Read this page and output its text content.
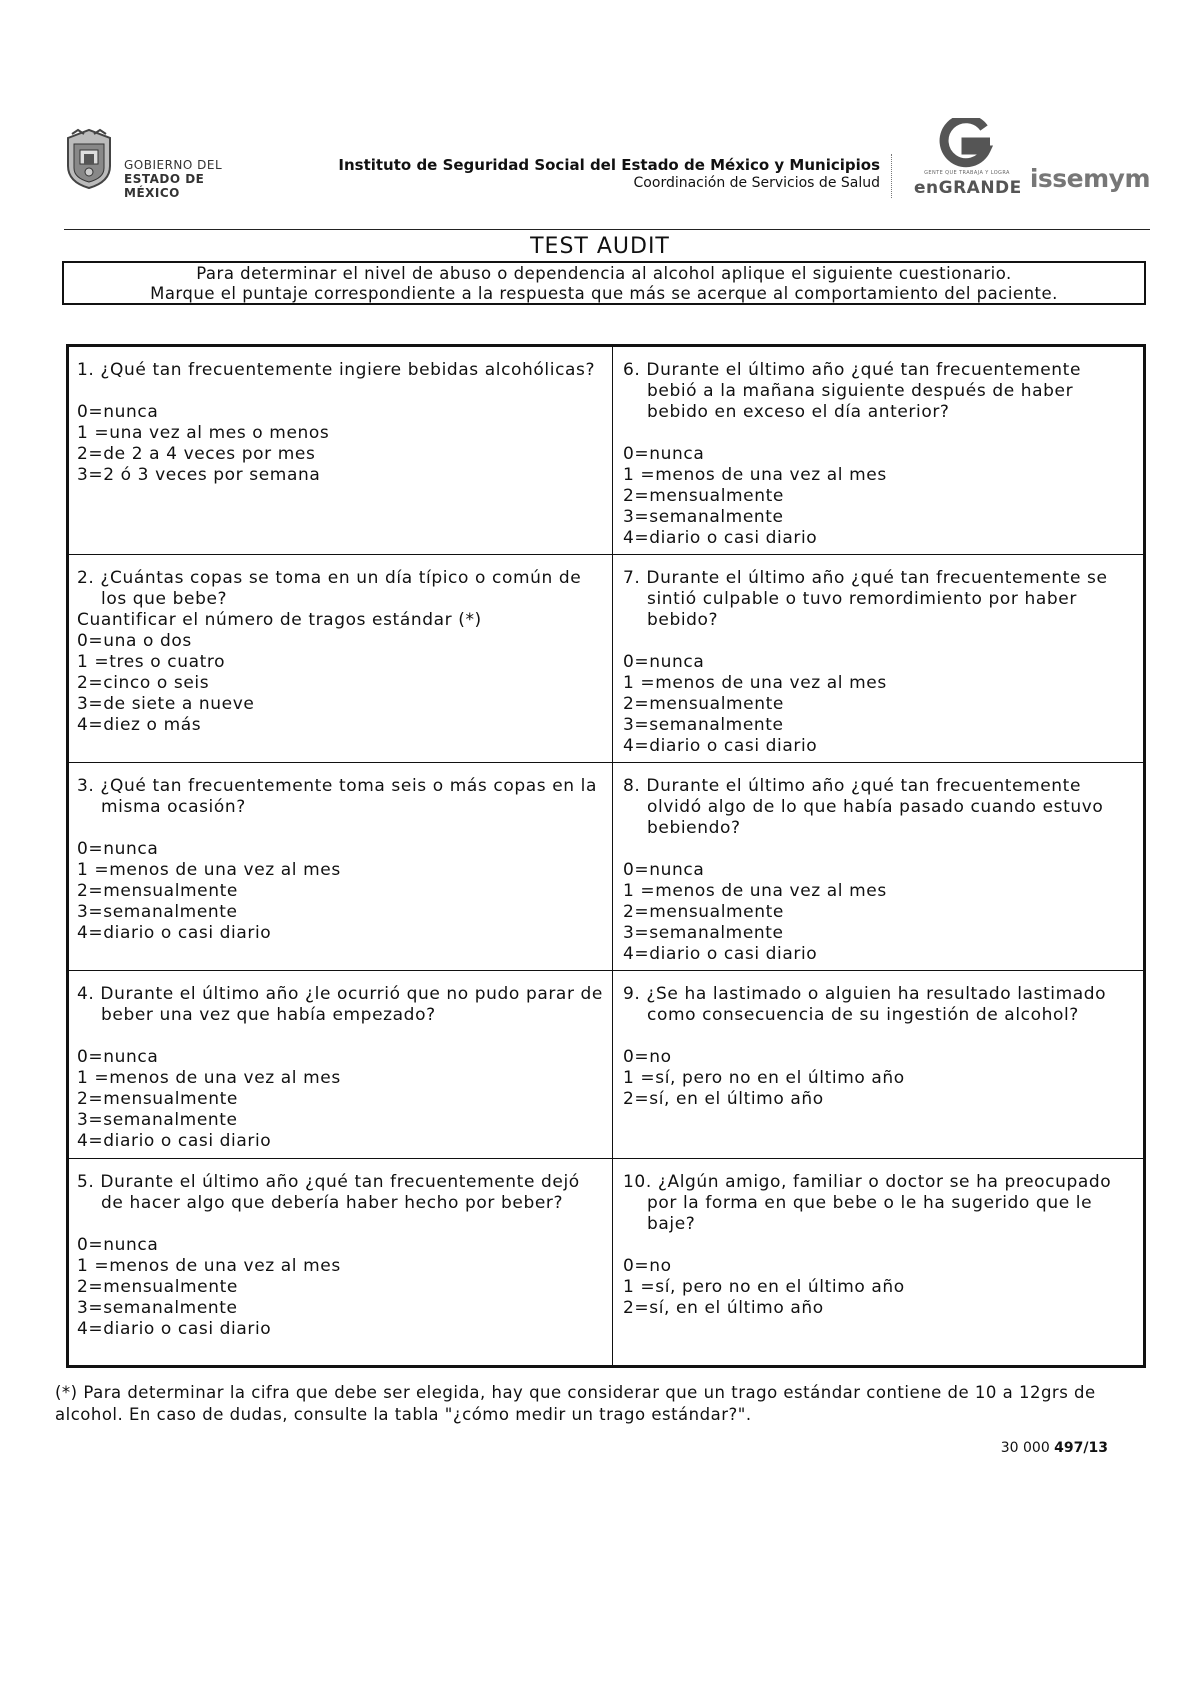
GOBIERNO DEL
ESTADO DE MÉXICO
Instituto de Seguridad Social del Estado de México y Municipios
Coordinación de Servicios de Salud
GENTE QUE TRABAJA Y LOGRA
enGRANDE issemym
TEST AUDIT
Para determinar el nivel de abuso o dependencia al alcohol aplique el siguiente cuestionario.
Marque el puntaje correspondiente a la respuesta que más se acerque al comportamiento del paciente.
1. ¿Qué tan frecuentemente ingiere bebidas alcohólicas?
0=nunca
1 =una vez al mes o menos
2=de 2 a 4 veces por mes
3=2 ó 3 veces por semana
6. Durante el último año ¿qué tan frecuentemente bebió a la mañana siguiente después de haber bebido en exceso el día anterior?
0=nunca
1 =menos de una vez al mes
2=mensualmente
3=semanalmente
4=diario o casi diario
2. ¿Cuántas copas se toma en un día típico o común de los que bebe?
Cuantificar el número de tragos estándar (*)
0=una o dos
1 =tres o cuatro
2=cinco o seis
3=de siete a nueve
4=diez o más
7. Durante el último año ¿qué tan frecuentemente se sintió culpable o tuvo remordimiento por haber bebido?
0=nunca
1 =menos de una vez al mes
2=mensualmente
3=semanalmente
4=diario o casi diario
3. ¿Qué tan frecuentemente toma seis o más copas en la misma ocasión?
0=nunca
1 =menos de una vez al mes
2=mensualmente
3=semanalmente
4=diario o casi diario
8. Durante el último año ¿qué tan frecuentemente olvidó algo de lo que había pasado cuando estuvo bebiendo?
0=nunca
1 =menos de una vez al mes
2=mensualmente
3=semanalmente
4=diario o casi diario
4. Durante el último año ¿le ocurrió que no pudo parar de beber una vez que había empezado?
0=nunca
1 =menos de una vez al mes
2=mensualmente
3=semanalmente
4=diario o casi diario
9. ¿Se ha lastimado o alguien ha resultado lastimado como consecuencia de su ingestión de alcohol?
0=no
1 =sí, pero no en el último año
2=sí, en el último año
5. Durante el último año ¿qué tan frecuentemente dejó de hacer algo que debería haber hecho por beber?
0=nunca
1 =menos de una vez al mes
2=mensualmente
3=semanalmente
4=diario o casi diario
10. ¿Algún amigo, familiar o doctor se ha preocupado por la forma en que bebe o le ha sugerido que le baje?
0=no
1 =sí, pero no en el último año
2=sí, en el último año
(*) Para determinar la cifra que debe ser elegida, hay que considerar que un trago estándar contiene de 10 a 12grs de alcohol. En caso de dudas, consulte la tabla "¿cómo medir un trago estándar?".
30 000 497/13
